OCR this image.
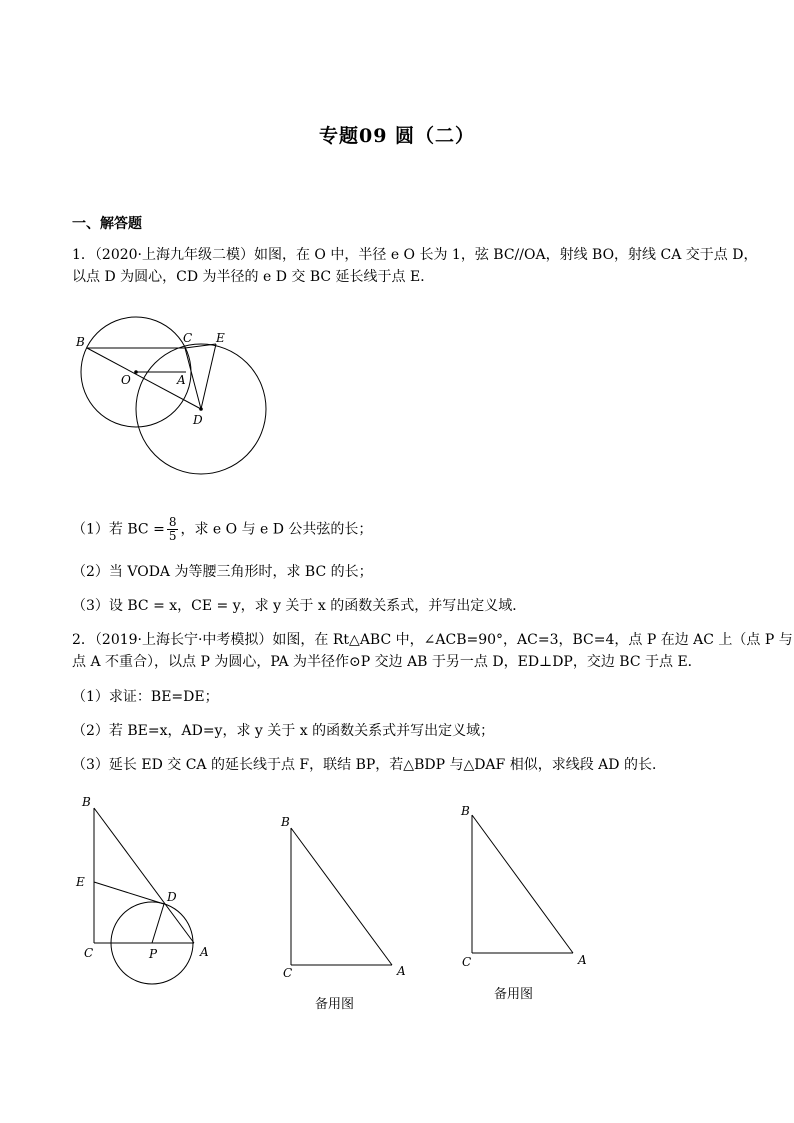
专题09 圆（二）
一、解答题
1．（2020·上海九年级二模）如图，在 O 中，半径 e O 长为 1，弦 BC//OA，射线 BO，射线 CA 交于点 D，
以点 D 为圆心，CD 为半径的 e D 交 BC 延长线于点 E．
B	C E
O	A
D
（1）若 BC = $\frac{8}{5}$ ，求 e O 与 e D 公共弦的长；
（2）当 VODA 为等腰三角形时，求 BC 的长；
（3）设 BC = x，CE = y，求 y 关于 x 的函数关系式，并写出定义域．
2．（2019·上海长宁·中考模拟）如图，在 Rt△ABC 中，∠ACB=90°，AC=3，BC=4，点 P 在边 AC 上（点 P 与
点 A 不重合），以点 P 为圆心，PA 为半径作⊙P 交边 AB 于另一点 D，ED⊥DP，交边 BC 于点 E．
（1）求证：BE=DE；
（2）若 BE=x，AD=y，求 y 关于 x 的函数关系式并写出定义域；
（3）延长 ED 交 CA 的延长线于点 F，联结 BP，若△BDP 与△DAF 相似，求线段 AD 的长．
B
E
D
C	P	A
B
C	A
备用图
B
C	A
备用图
